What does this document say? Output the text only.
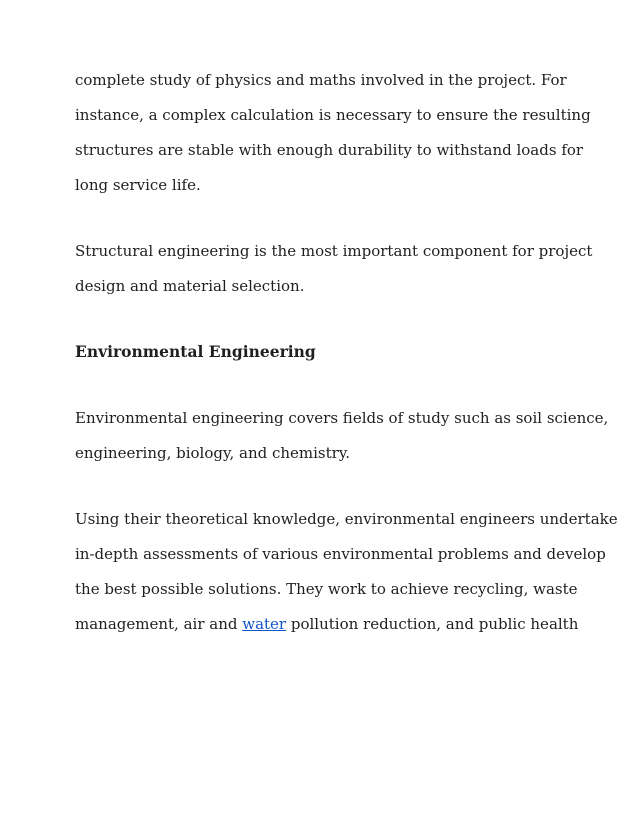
complete study of physics and maths involved in the project. For

instance, a complex calculation is necessary to ensure the resulting

structures are stable with enough durability to withstand loads for

long service life.

Structural engineering is the most important component for project

design and material selection.

Environmental Engineering

Environmental engineering covers fields of study such as soil science,

engineering, biology, and chemistry.

Using their theoretical knowledge, environmental engineers undertake

in-depth assessments of various environmental problems and develop

the best possible solutions. They work to achieve recycling, waste

management, air and water pollution reduction, and public health
